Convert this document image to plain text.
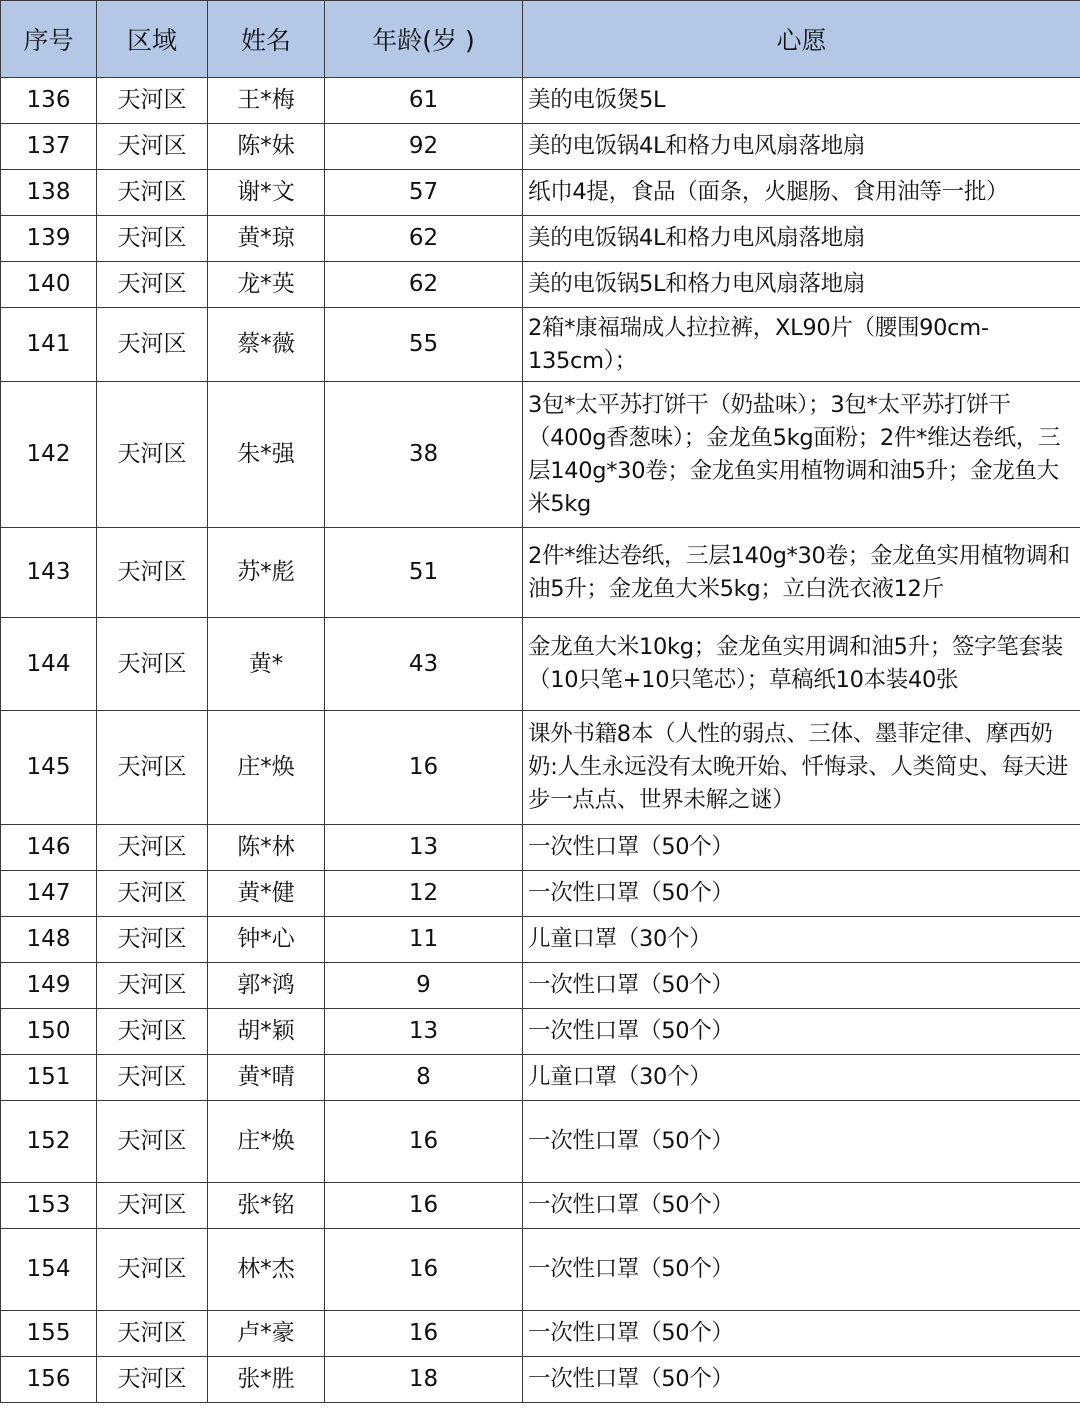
序号	区域	姓名	年龄(岁 )	心愿
136	天河区	王*梅	61	美的电饭煲5L
137	天河区	陈*妹	92	美的电饭锅4L和格力电风扇落地扇
138	天河区	谢*文	57	纸巾4提，食品（面条，火腿肠、食用油等一批）
139	天河区	黄*琼	62	美的电饭锅4L和格力电风扇落地扇
140	天河区	龙*英	62	美的电饭锅5L和格力电风扇落地扇
141	天河区	蔡*薇	55	2箱*康福瑞成人拉拉裤，XL90片（腰围90cm-135cm）；

142	天河区	朱*强	38	3包*太平苏打饼干（奶盐味）；3包*太平苏打饼干（400g香葱味）；金龙鱼5kg面粉；2件*维达卷纸，三层140g*30卷；金龙鱼实用植物调和油5升；金龙鱼大米5kg
143	天河区	苏*彪	51	2件*维达卷纸，三层140g*30卷；金龙鱼实用植物调和油5升；金龙鱼大米5kg；立白洗衣液12斤
144	天河区	黄*	43	金龙鱼大米10kg；金龙鱼实用调和油5升；签字笔套装（10只笔+10只笔芯）；草稿纸10本装40张
145	天河区	庄*焕	16	课外书籍8本（人性的弱点、三体、墨菲定律、摩西奶奶:人生永远没有太晚开始、忏悔录、人类简史、每天进步一点点、世界未解之谜）
146	天河区	陈*林	13	一次性口罩（50个）
147	天河区	黄*健	12	一次性口罩（50个）
148	天河区	钟*心	11	儿童口罩（30个）
149	天河区	郭*鸿	9	一次性口罩（50个）
150	天河区	胡*颖	13	一次性口罩（50个）
151	天河区	黄*晴	8	儿童口罩（30个）
152	天河区	庄*焕	16	一次性口罩（50个）
153	天河区	张*铭	16	一次性口罩（50个）
154	天河区	林*杰	16	一次性口罩（50个）
155	天河区	卢*豪	16	一次性口罩（50个）
156	天河区	张*胜	18	一次性口罩（50个）
